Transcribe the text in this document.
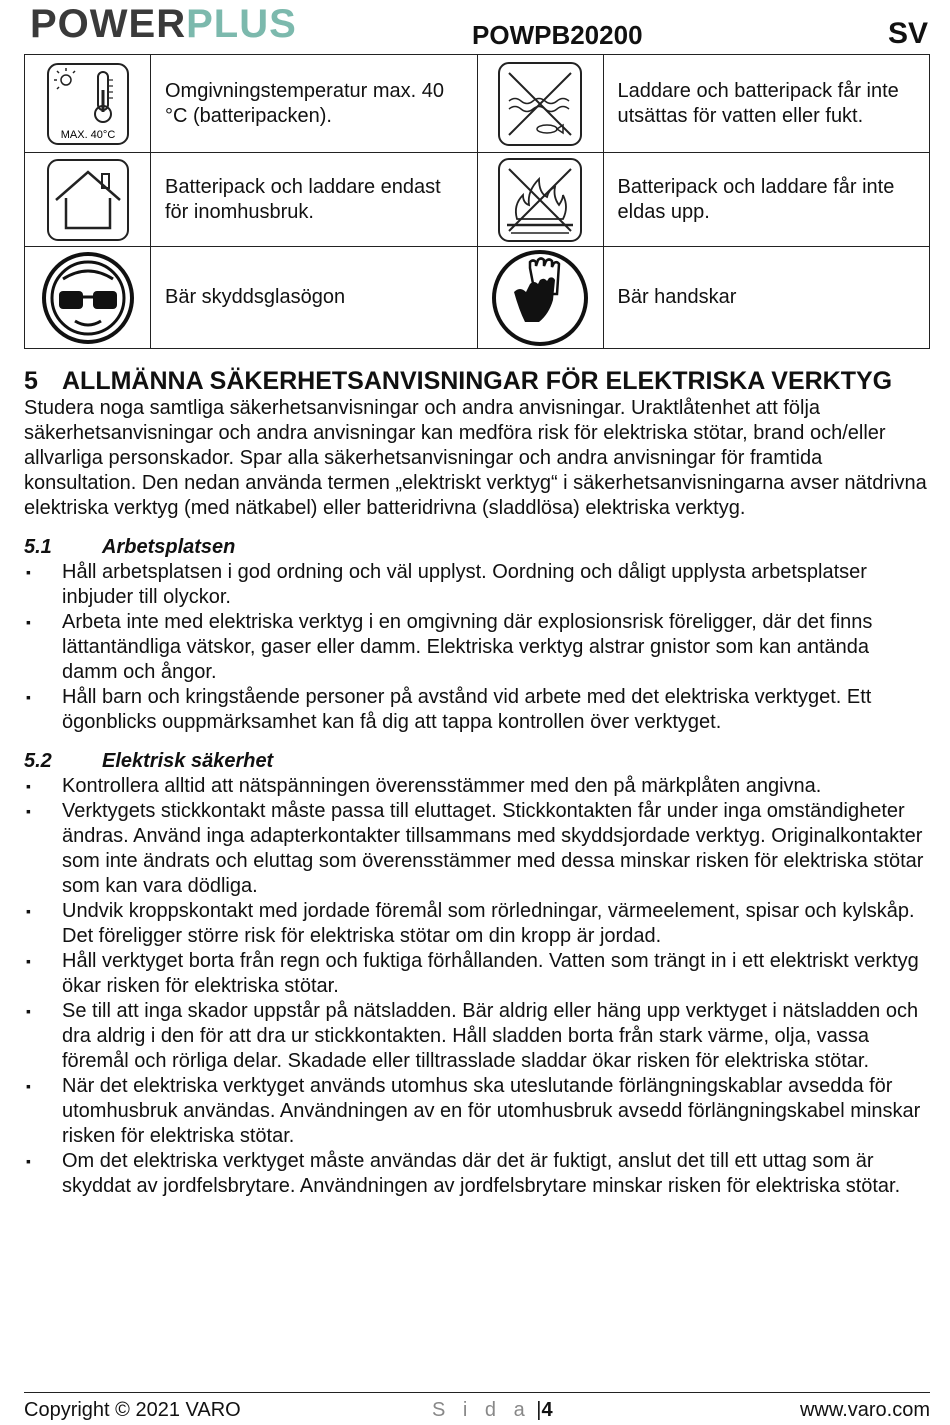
POWERPLUS	POWPB20200	SV
MAX. 40°C	Omgivningstemperatur max. 40 °C (batteripacken).		Laddare och batteripack får inte utsättas för vatten eller fukt.

	Batteripack och laddare endast för inomhusbruk.		Batteripack och laddare får inte eldas upp.

	Bär skyddsglasögon		Bär handskar
5 ALLMÄNNA SÄKERHETSANVISNINGAR FÖR ELEKTRISKA VERKTYG

Studera noga samtliga säkerhetsanvisningar och andra anvisningar. Uraktlåtenhet att följa säkerhetsanvisningar och andra anvisningar kan medföra risk för elektriska stötar, brand och/eller allvarliga personskador. Spar alla säkerhetsanvisningar och andra anvisningar för framtida konsultation. Den nedan använda termen „elektriskt verktyg“ i säkerhetsanvisningarna avser nätdrivna elektriska verktyg (med nätkabel) eller batteridrivna (sladdlösa) elektriska verktyg.

5.1	Arbetsplatsen
▪ Håll arbetsplatsen i god ordning och väl upplyst. Oordning och dåligt upplysta arbetsplatser inbjuder till olyckor.
▪ Arbeta inte med elektriska verktyg i en omgivning där explosionsrisk föreligger, där det finns lättantändliga vätskor, gaser eller damm. Elektriska verktyg alstrar gnistor som kan antända damm och ångor.
▪ Håll barn och kringstående personer på avstånd vid arbete med det elektriska verktyget. Ett ögonblicks ouppmärksamhet kan få dig att tappa kontrollen över verktyget.
5.2	Elektrisk säkerhet
▪ Kontrollera alltid att nätspänningen överensstämmer med den på märkplåten angivna.
▪ Verktygets stickkontakt måste passa till eluttaget. Stickkontakten får under inga omständigheter ändras. Använd inga adapterkontakter tillsammans med skyddsjordade verktyg. Originalkontakter som inte ändrats och eluttag som överensstämmer med dessa minskar risken för elektriska stötar som kan vara dödliga.
▪ Undvik kroppskontakt med jordade föremål som rörledningar, värmeelement, spisar och kylskåp. Det föreligger större risk för elektriska stötar om din kropp är jordad.
▪ Håll verktyget borta från regn och fuktiga förhållanden. Vatten som trängt in i ett elektriskt verktyg ökar risken för elektriska stötar.
▪ Se till att inga skador uppstår på nätsladden. Bär aldrig eller häng upp verktyget i nätsladden och dra aldrig i den för att dra ur stickkontakten. Håll sladden borta från stark värme, olja, vassa föremål och rörliga delar. Skadade eller tilltrasslade sladdar ökar risken för elektriska stötar.
▪ När det elektriska verktyget används utomhus ska uteslutande förlängningskablar avsedda för utomhusbruk användas. Användningen av en för utomhusbruk avsedd förlängningskabel minskar risken för elektriska stötar.
▪ Om det elektriska verktyget måste användas där det är fuktigt, anslut det till ett uttag som är skyddat av jordfelsbrytare. Användningen av jordfelsbrytare minskar risken för elektriska stötar.
Copyright © 2021 VARO	S i d a |4	www.varo.com
